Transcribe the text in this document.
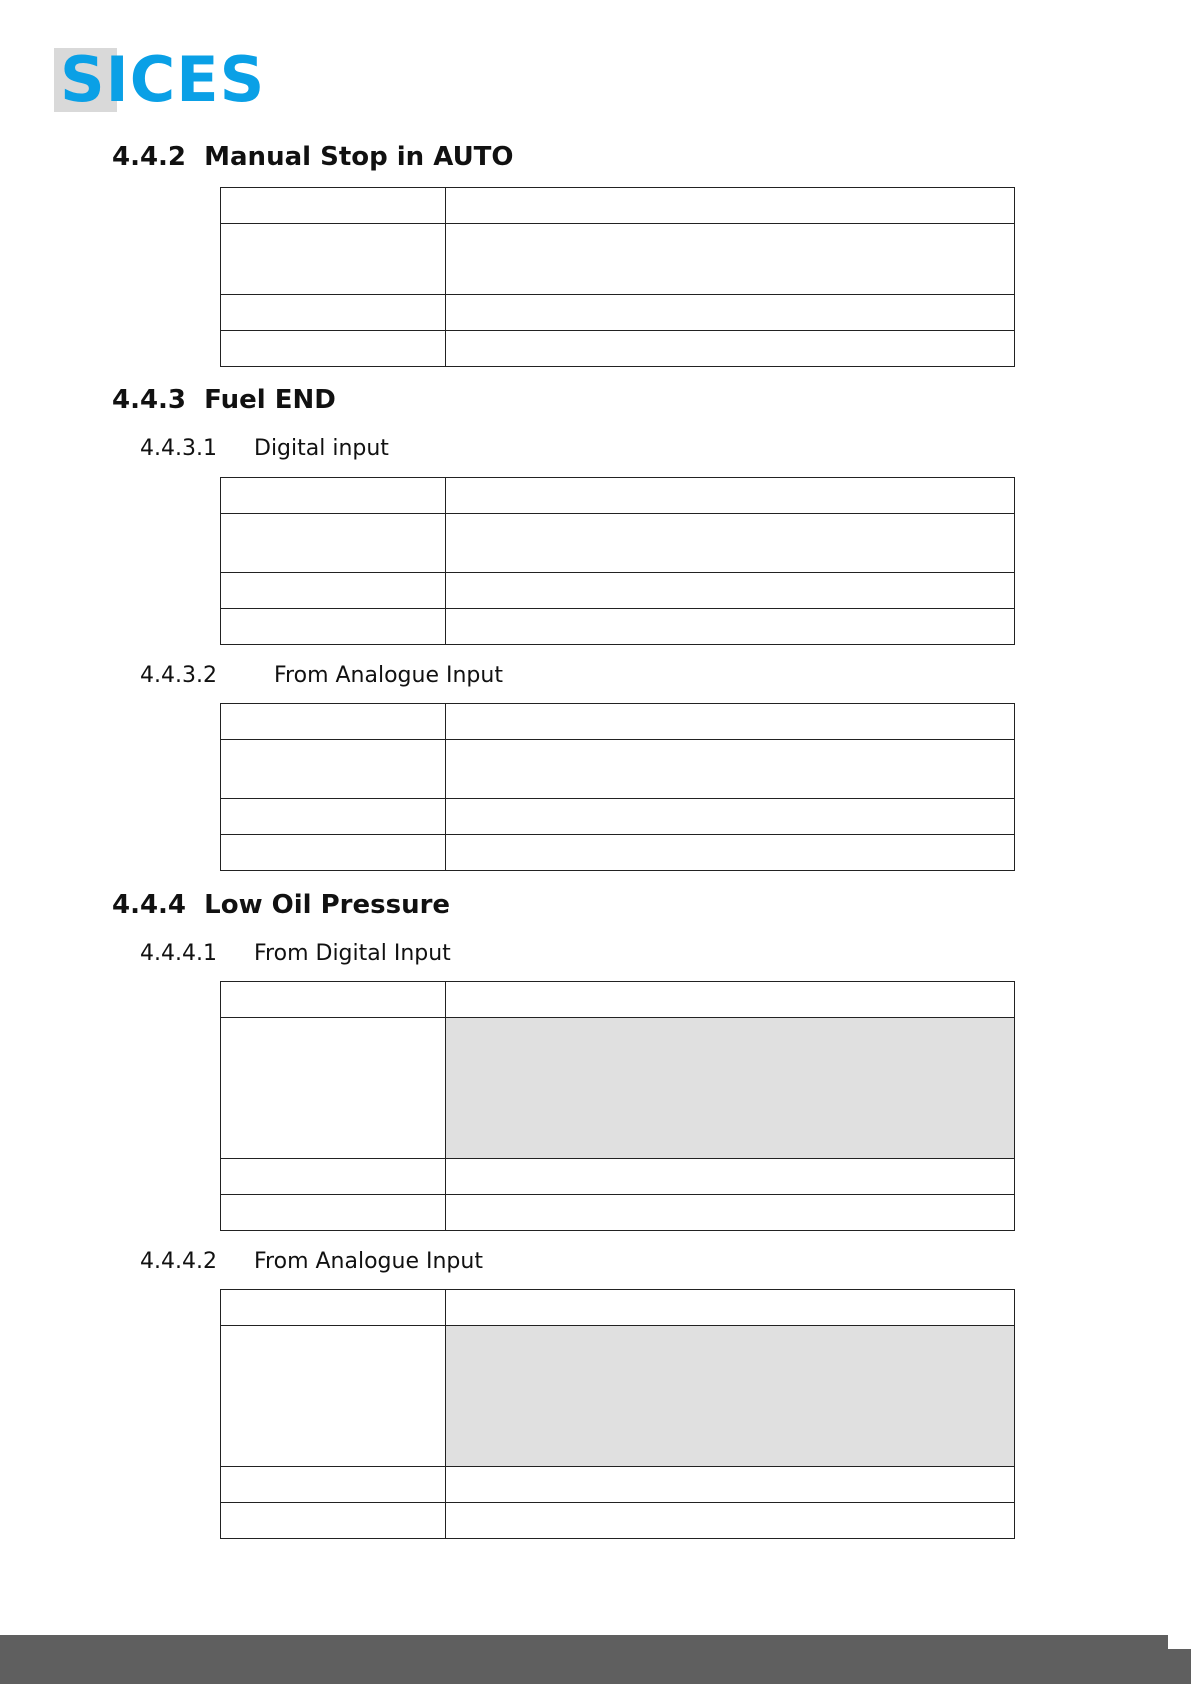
SICES
4.4.2 Manual Stop in AUTO

4.4.3 Fuel END
4.4.3.1 Digital input

4.4.3.2	From Analogue Input

4.4.4 Low Oil Pressure
4.4.4.1 From Digital Input

4.4.4.2 From Analogue Input
